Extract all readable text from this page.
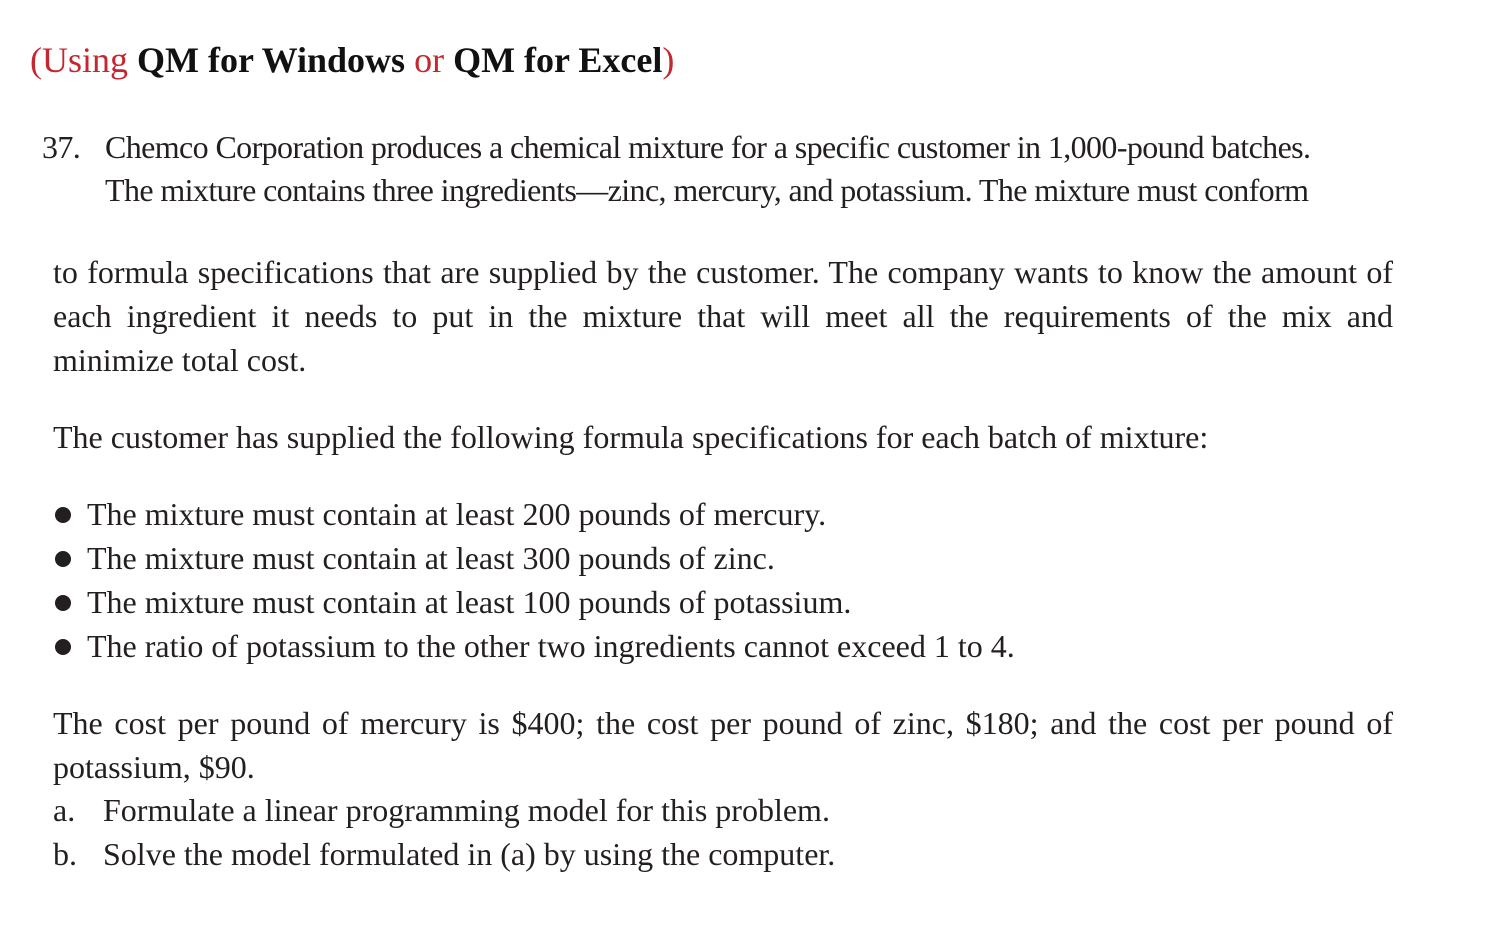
(Using QM for Windows or QM for Excel)
37. Chemco Corporation produces a chemical mixture for a specific customer in 1,000-pound batches.
The mixture contains three ingredients—zinc, mercury, and potassium. The mixture must conform
to formula specifications that are supplied by the customer. The company wants to know the amount of each ingredient it needs to put in the mixture that will meet all the requirements of the mix and minimize total cost.
The customer has supplied the following formula specifications for each batch of mixture:
The mixture must contain at least 200 pounds of mercury.
The mixture must contain at least 300 pounds of zinc.
The mixture must contain at least 100 pounds of potassium.
The ratio of potassium to the other two ingredients cannot exceed 1 to 4.
The cost per pound of mercury is $400; the cost per pound of zinc, $180; and the cost per pound of potassium, $90.
a. Formulate a linear programming model for this problem.
b. Solve the model formulated in (a) by using the computer.
